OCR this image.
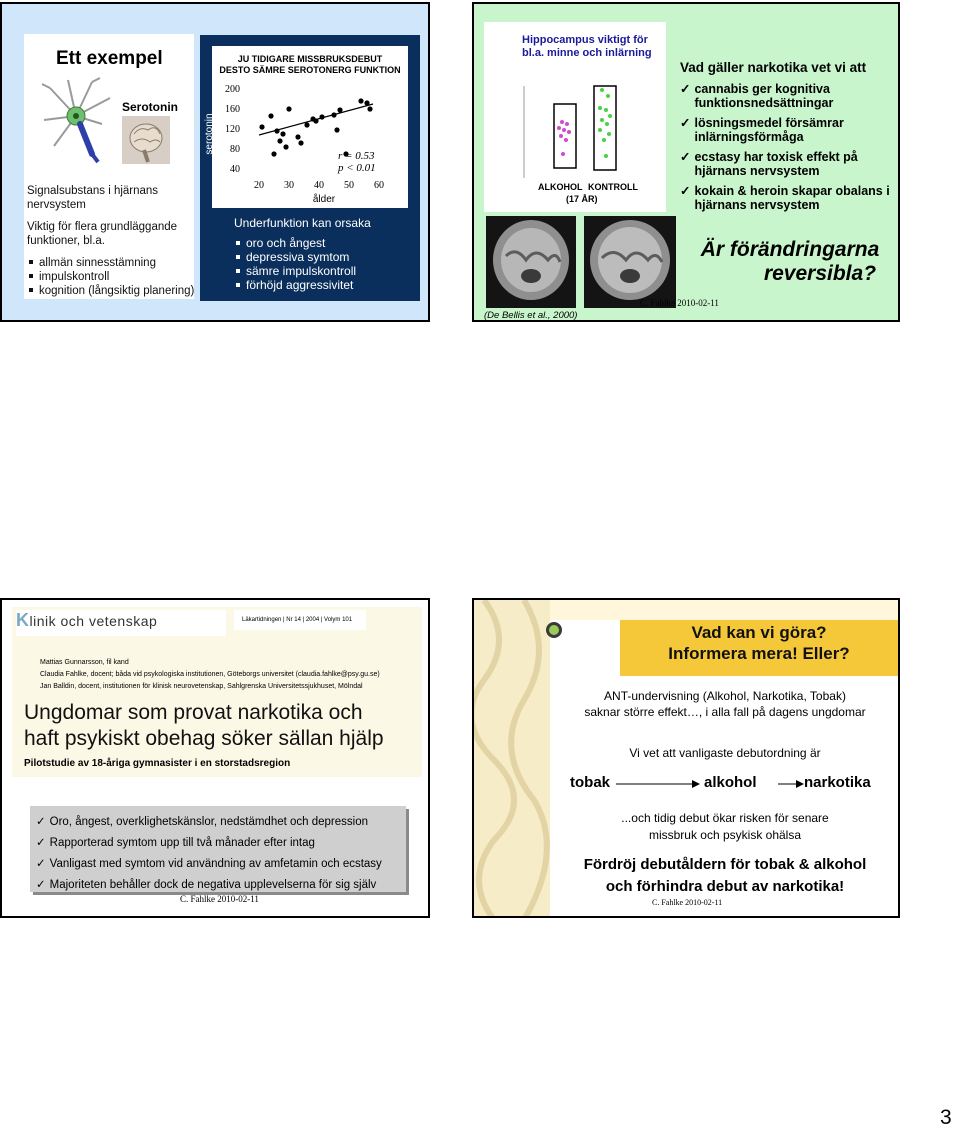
Ett exempel
Serotonin
Signalsubstans i hjärnans
nervsystem
Viktig för flera grundläggande
funktioner, bl.a.
allmän sinnesstämning
impulskontroll
kognition (långsiktig planering)
JU TIDIGARE MISSBRUKSDEBUT
DESTO SÄMRE SEROTONERG FUNKTION
serotonin
40
80
120
160
200
20 30 40 50 60
ålder
r = 0.53
p < 0.01
Underfunktion kan orsaka
oro och ångest
depressiva symtom
sämre impulskontroll
förhöjd aggressivitet
Hippocampus viktigt för
bl.a. minne och inlärning
ALKOHOL KONTROLL
(17 ÅR)
(De Bellis et al., 2000)
Vad gäller narkotika vet vi att
✓ cannabis ger kognitiva funktionsnedsättningar
✓ lösningsmedel försämrar inlärningsförmåga
✓ ecstasy har toxisk effekt på hjärnans nervsystem
✓ kokain & heroin skapar obalans i hjärnans nervsystem
Är förändringarna
reversibla?
C. Fahlke 2010-02-11
Klinik och vetenskap	Läkartidningen | Nr 14 | 2004 | Volym 101
Mattias Gunnarsson, fil kand
Claudia Fahlke, docent; båda vid psykologiska institutionen, Göteborgs universitet (claudia.fahlke@psy.gu.se)
Jan Balldin, docent, institutionen för klinisk neurovetenskap, Sahlgrenska Universitetssjukhuset, Mölndal
Ungdomar som provat narkotika och
haft psykiskt obehag söker sällan hjälp
Pilotstudie av 18-åriga gymnasister i en storstadsregion
✓ Oro, ångest, overklighetskänslor, nedstämdhet och depression
✓ Rapporterad symtom upp till två månader efter intag
✓ Vanligast med symtom vid användning av amfetamin och ecstasy
✓ Majoriteten behåller dock de negativa upplevelserna för sig själv
C. Fahlke 2010-02-11
Vad kan vi göra?
Informera mera! Eller?
ANT-undervisning (Alkohol, Narkotika, Tobak)
saknar större effekt…, i alla fall på dagens ungdomar
Vi vet att vanligaste debutordning är
tobak	alkohol	narkotika
...och tidig debut ökar risken för senare
missbruk och psykisk ohälsa
Fördröj debutåldern för tobak & alkohol
och förhindra debut av narkotika!
C. Fahlke 2010-02-11
3
